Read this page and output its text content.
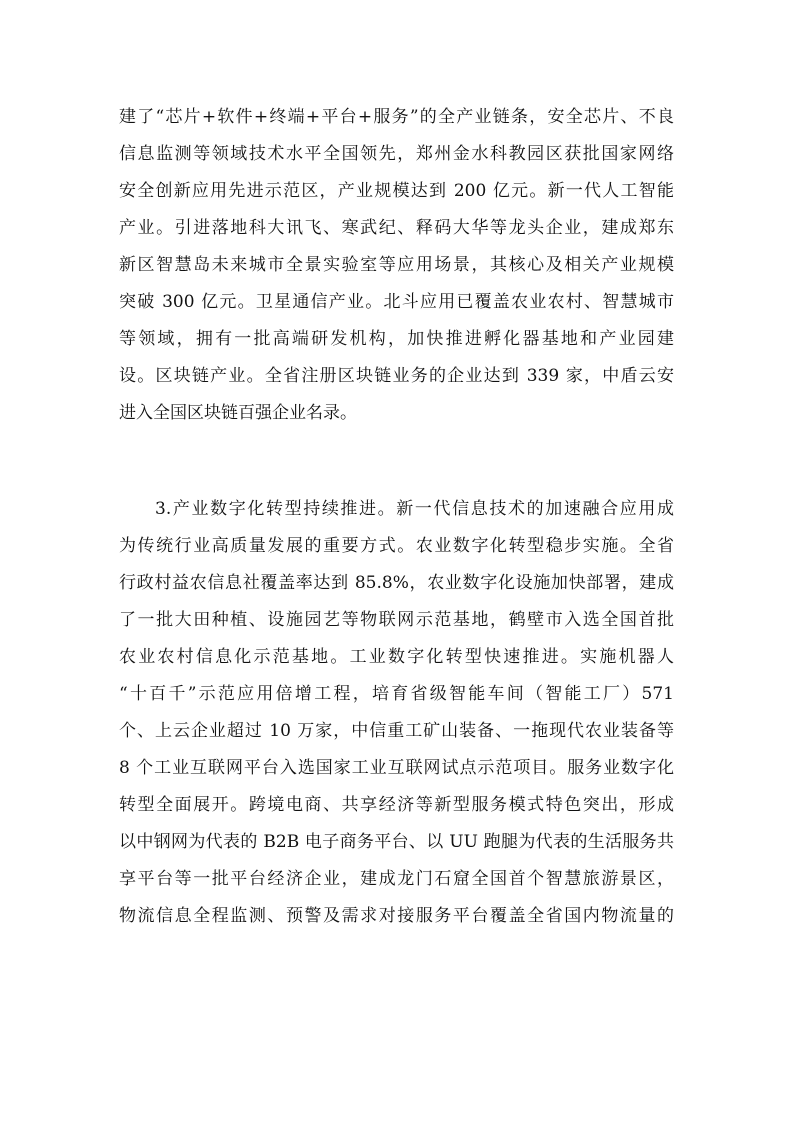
建了“芯片+软件+终端+平台+服务”的全产业链条，安全芯片、不良
信息监测等领域技术水平全国领先，郑州金水科教园区获批国家网络
安全创新应用先进示范区，产业规模达到 200 亿元。新一代人工智能
产业。引进落地科大讯飞、寒武纪、释码大华等龙头企业，建成郑东
新区智慧岛未来城市全景实验室等应用场景，其核心及相关产业规模
突破 300 亿元。卫星通信产业。北斗应用已覆盖农业农村、智慧城市
等领域，拥有一批高端研发机构，加快推进孵化器基地和产业园建
设。区块链产业。全省注册区块链业务的企业达到 339 家，中盾云安
进入全国区块链百强企业名录。
3.产业数字化转型持续推进。新一代信息技术的加速融合应用成
为传统行业高质量发展的重要方式。农业数字化转型稳步实施。全省
行政村益农信息社覆盖率达到 85.8%，农业数字化设施加快部署，建成
了一批大田种植、设施园艺等物联网示范基地，鹤壁市入选全国首批
农业农村信息化示范基地。工业数字化转型快速推进。实施机器人
“十百千”示范应用倍增工程，培育省级智能车间（智能工厂）571
个、上云企业超过 10 万家，中信重工矿山装备、一拖现代农业装备等
8 个工业互联网平台入选国家工业互联网试点示范项目。服务业数字化
转型全面展开。跨境电商、共享经济等新型服务模式特色突出，形成
以中钢网为代表的 B2B 电子商务平台、以 UU 跑腿为代表的生活服务共
享平台等一批平台经济企业，建成龙门石窟全国首个智慧旅游景区，
物流信息全程监测、预警及需求对接服务平台覆盖全省国内物流量的
